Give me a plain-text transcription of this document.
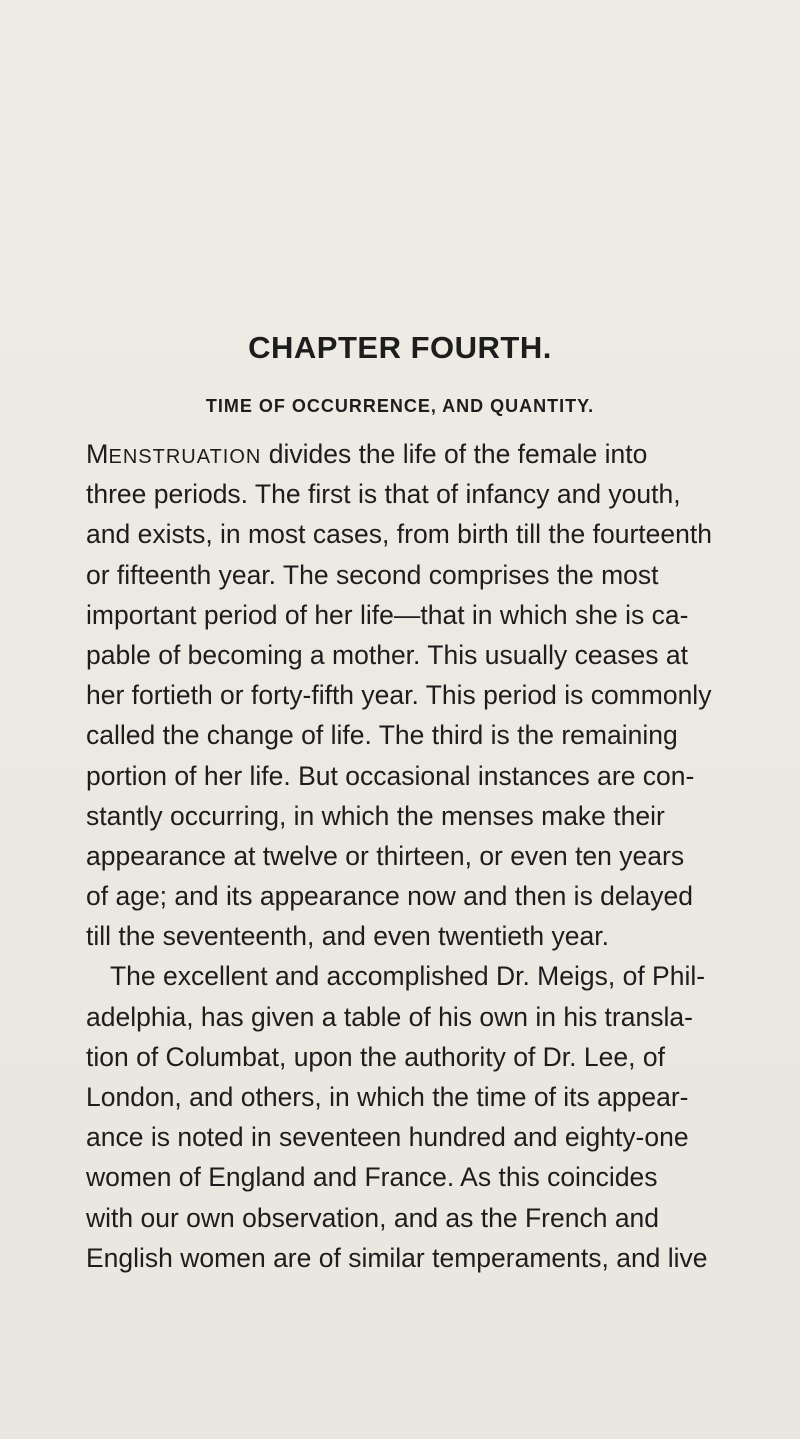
CHAPTER FOURTH.
TIME OF OCCURRENCE, AND QUANTITY.
MENSTRUATION divides the life of the female into
three periods. The first is that of infancy and youth,
and exists, in most cases, from birth till the fourteenth
or fifteenth year. The second comprises the most
important period of her life—that in which she is ca-
pable of becoming a mother. This usually ceases at
her fortieth or forty-fifth year. This period is commonly
called the change of life. The third is the remaining
portion of her life. But occasional instances are con-
stantly occurring, in which the menses make their
appearance at twelve or thirteen, or even ten years
of age; and its appearance now and then is delayed
till the seventeenth, and even twentieth year.
The excellent and accomplished Dr. Meigs, of Phil-
adelphia, has given a table of his own in his transla-
tion of Columbat, upon the authority of Dr. Lee, of
London, and others, in which the time of its appear-
ance is noted in seventeen hundred and eighty-one
women of England and France. As this coincides
with our own observation, and as the French and
English women are of similar temperaments, and live
